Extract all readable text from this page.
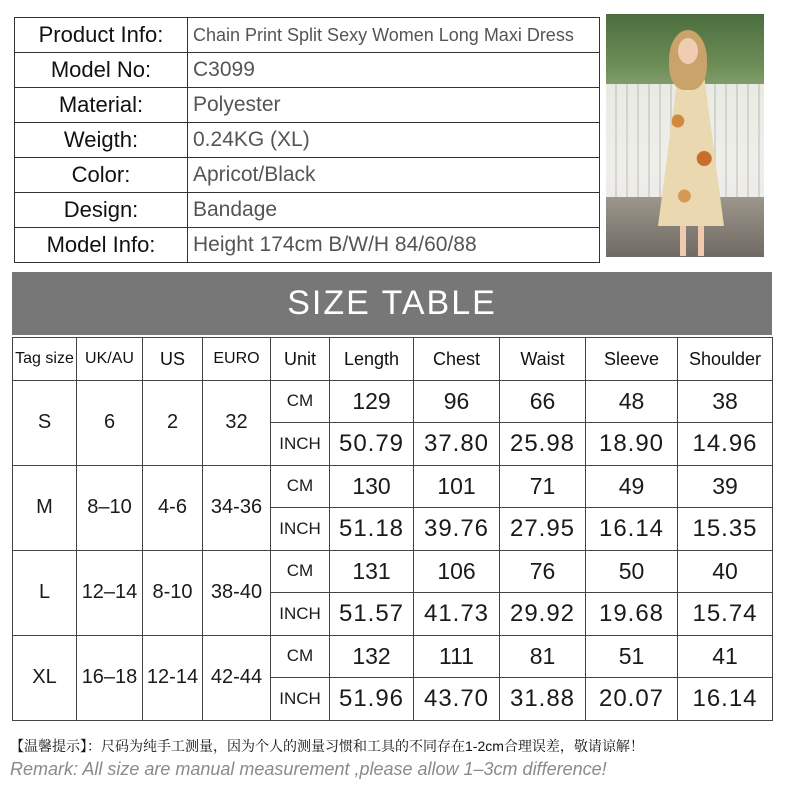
Product Info:	Chain Print Split Sexy Women Long Maxi Dress
Model No:	C3099
Material:	Polyester
Weigth:	0.24KG (XL)
Color:	Apricot/Black
Design:	Bandage
Model Info:	Height 174cm B/W/H 84/60/88
SIZE TABLE
Tag size	UK/AU	US	EURO	Unit	Length	Chest	Waist	Sleeve	Shoulder
S	6	2	32	CM	129	96	66	48	38
				INCH	50.79	37.80	25.98	18.90	14.96
M	8–10	4-6	34-36	CM	130	101	71	49	39
				INCH	51.18	39.76	27.95	16.14	15.35
L	12–14	8-10	38-40	CM	131	106	76	50	40
				INCH	51.57	41.73	29.92	19.68	15.74
XL	16–18	12-14	42-44	CM	132	111	81	51	41
				INCH	51.96	43.70	31.88	20.07	16.14
【温馨提示】：尺码为纯手工测量，因为个人的测量习惯和工具的不同存在1-2cm合理误差，敬请谅解！
Remark: All size are manual measurement ,please allow 1–3cm difference!
